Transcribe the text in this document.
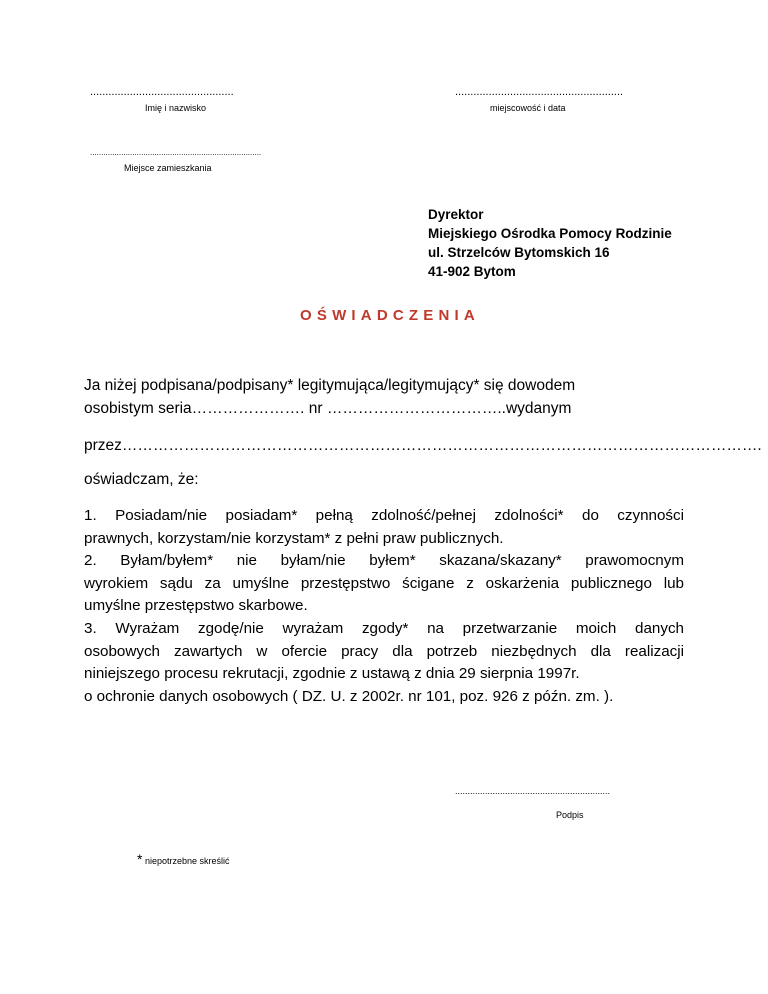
...............................................
Imię i nazwisko
.......................................................
miejscowość i data
.............................................................................
Miejsce zamieszkania
Dyrektor
Miejskiego Ośrodka Pomocy Rodzinie
ul. Strzelców Bytomskich 16
41-902 Bytom
OŚWIADCZENIA
Ja niżej podpisana/podpisany* legitymująca/legitymujący* się dowodem
osobistym seria…………………. nr ……………………………..wydanym
przez…………………………………………………………………………………………………………….
oświadczam, że:
1. Posiadam/nie posiadam* pełną zdolność/pełnej zdolności* do czynności
prawnych, korzystam/nie korzystam* z pełni praw publicznych.
2. Byłam/byłem* nie byłam/nie byłem* skazana/skazany* prawomocnym
wyrokiem sądu za umyślne przestępstwo ścigane z oskarżenia publicznego lub
umyślne przestępstwo skarbowe.
3. Wyrażam zgodę/nie wyrażam zgody* na przetwarzanie moich danych
osobowych zawartych w ofercie pracy dla potrzeb niezbędnych dla realizacji
niniejszego procesu rekrutacji, zgodnie z ustawą z dnia 29 sierpnia 1997r.
o ochronie danych osobowych ( DZ. U. z 2002r. nr 101, poz. 926 z późn. zm. ).
..............................................................
Podpis
* niepotrzebne skreślić
